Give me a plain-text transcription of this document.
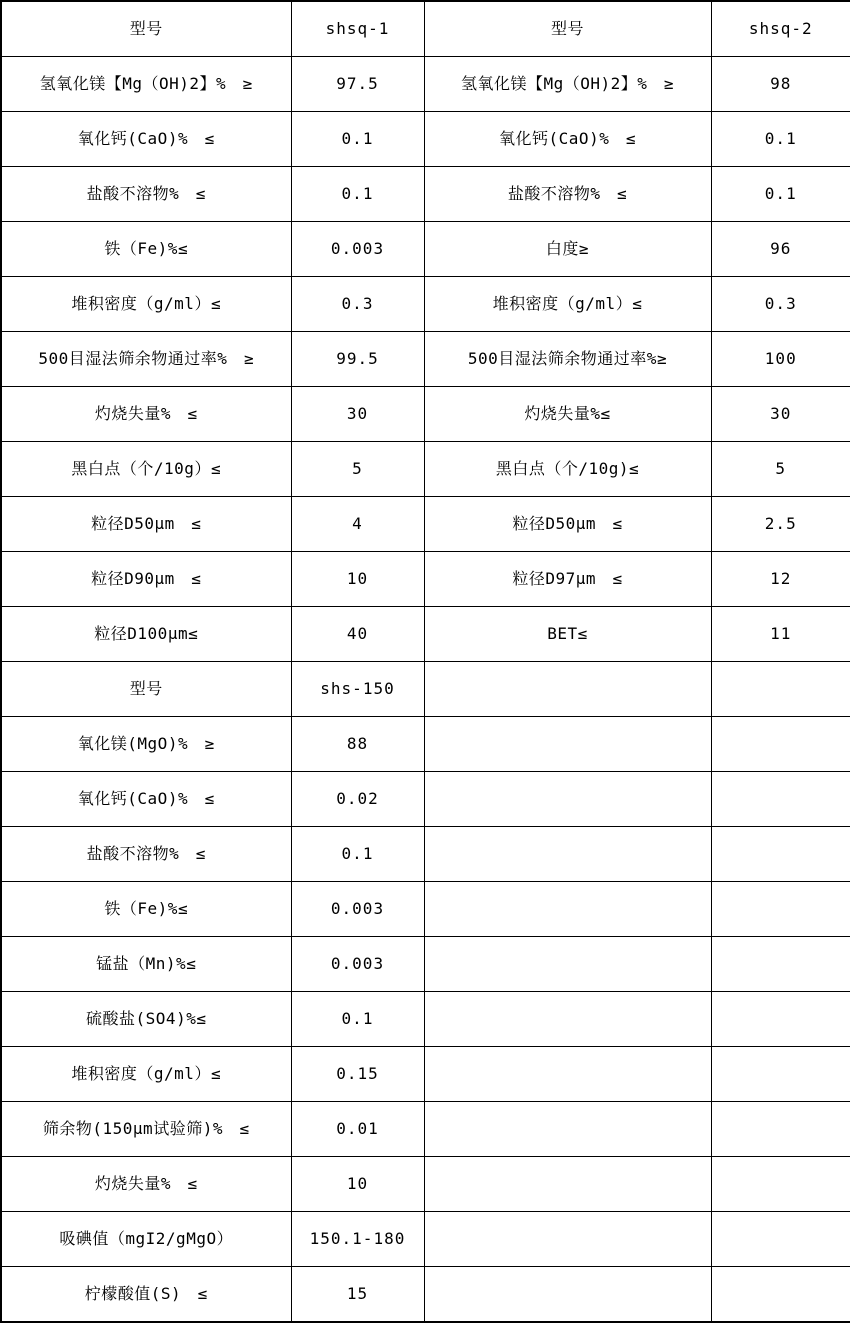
型号	shsq-1	型号	shsq-2
氢氧化镁【Mg（OH)2】%　≥	97.5	氢氧化镁【Mg（OH)2】%　≥	98
氧化钙(CaO)%　≤	0.1	氧化钙(CaO)%　≤	0.1
盐酸不溶物%　≤	0.1	盐酸不溶物%　≤	0.1
铁（Fe)%≤	0.003	白度≥	96
堆积密度（g/ml）≤	0.3	堆积密度（g/ml）≤	0.3
500目湿法筛余物通过率%　≥	99.5	500目湿法筛余物通过率%≥	100
灼烧失量%　≤	30	灼烧失量%≤	30
黑白点（个/10g）≤	5	黑白点（个/10g)≤	5
粒径D50μm　≤	4	粒径D50μm　≤	2.5
粒径D90μm　≤	10	粒径D97μm　≤	12
粒径D100μm≤	40	BET≤	11
型号	shs-150		
氧化镁(MgO)%　≥	88		
氧化钙(CaO)%　≤	0.02		
盐酸不溶物%　≤	0.1		
铁（Fe)%≤	0.003		
锰盐（Mn)%≤	0.003		
硫酸盐(SO4)%≤	0.1		
堆积密度（g/ml）≤	0.15		
筛余物(150μm试验筛)%　≤	0.01		
灼烧失量%　≤	10		
吸碘值（mgI2/gMgO）	150.1-180		
柠檬酸值(S)　≤	15		
